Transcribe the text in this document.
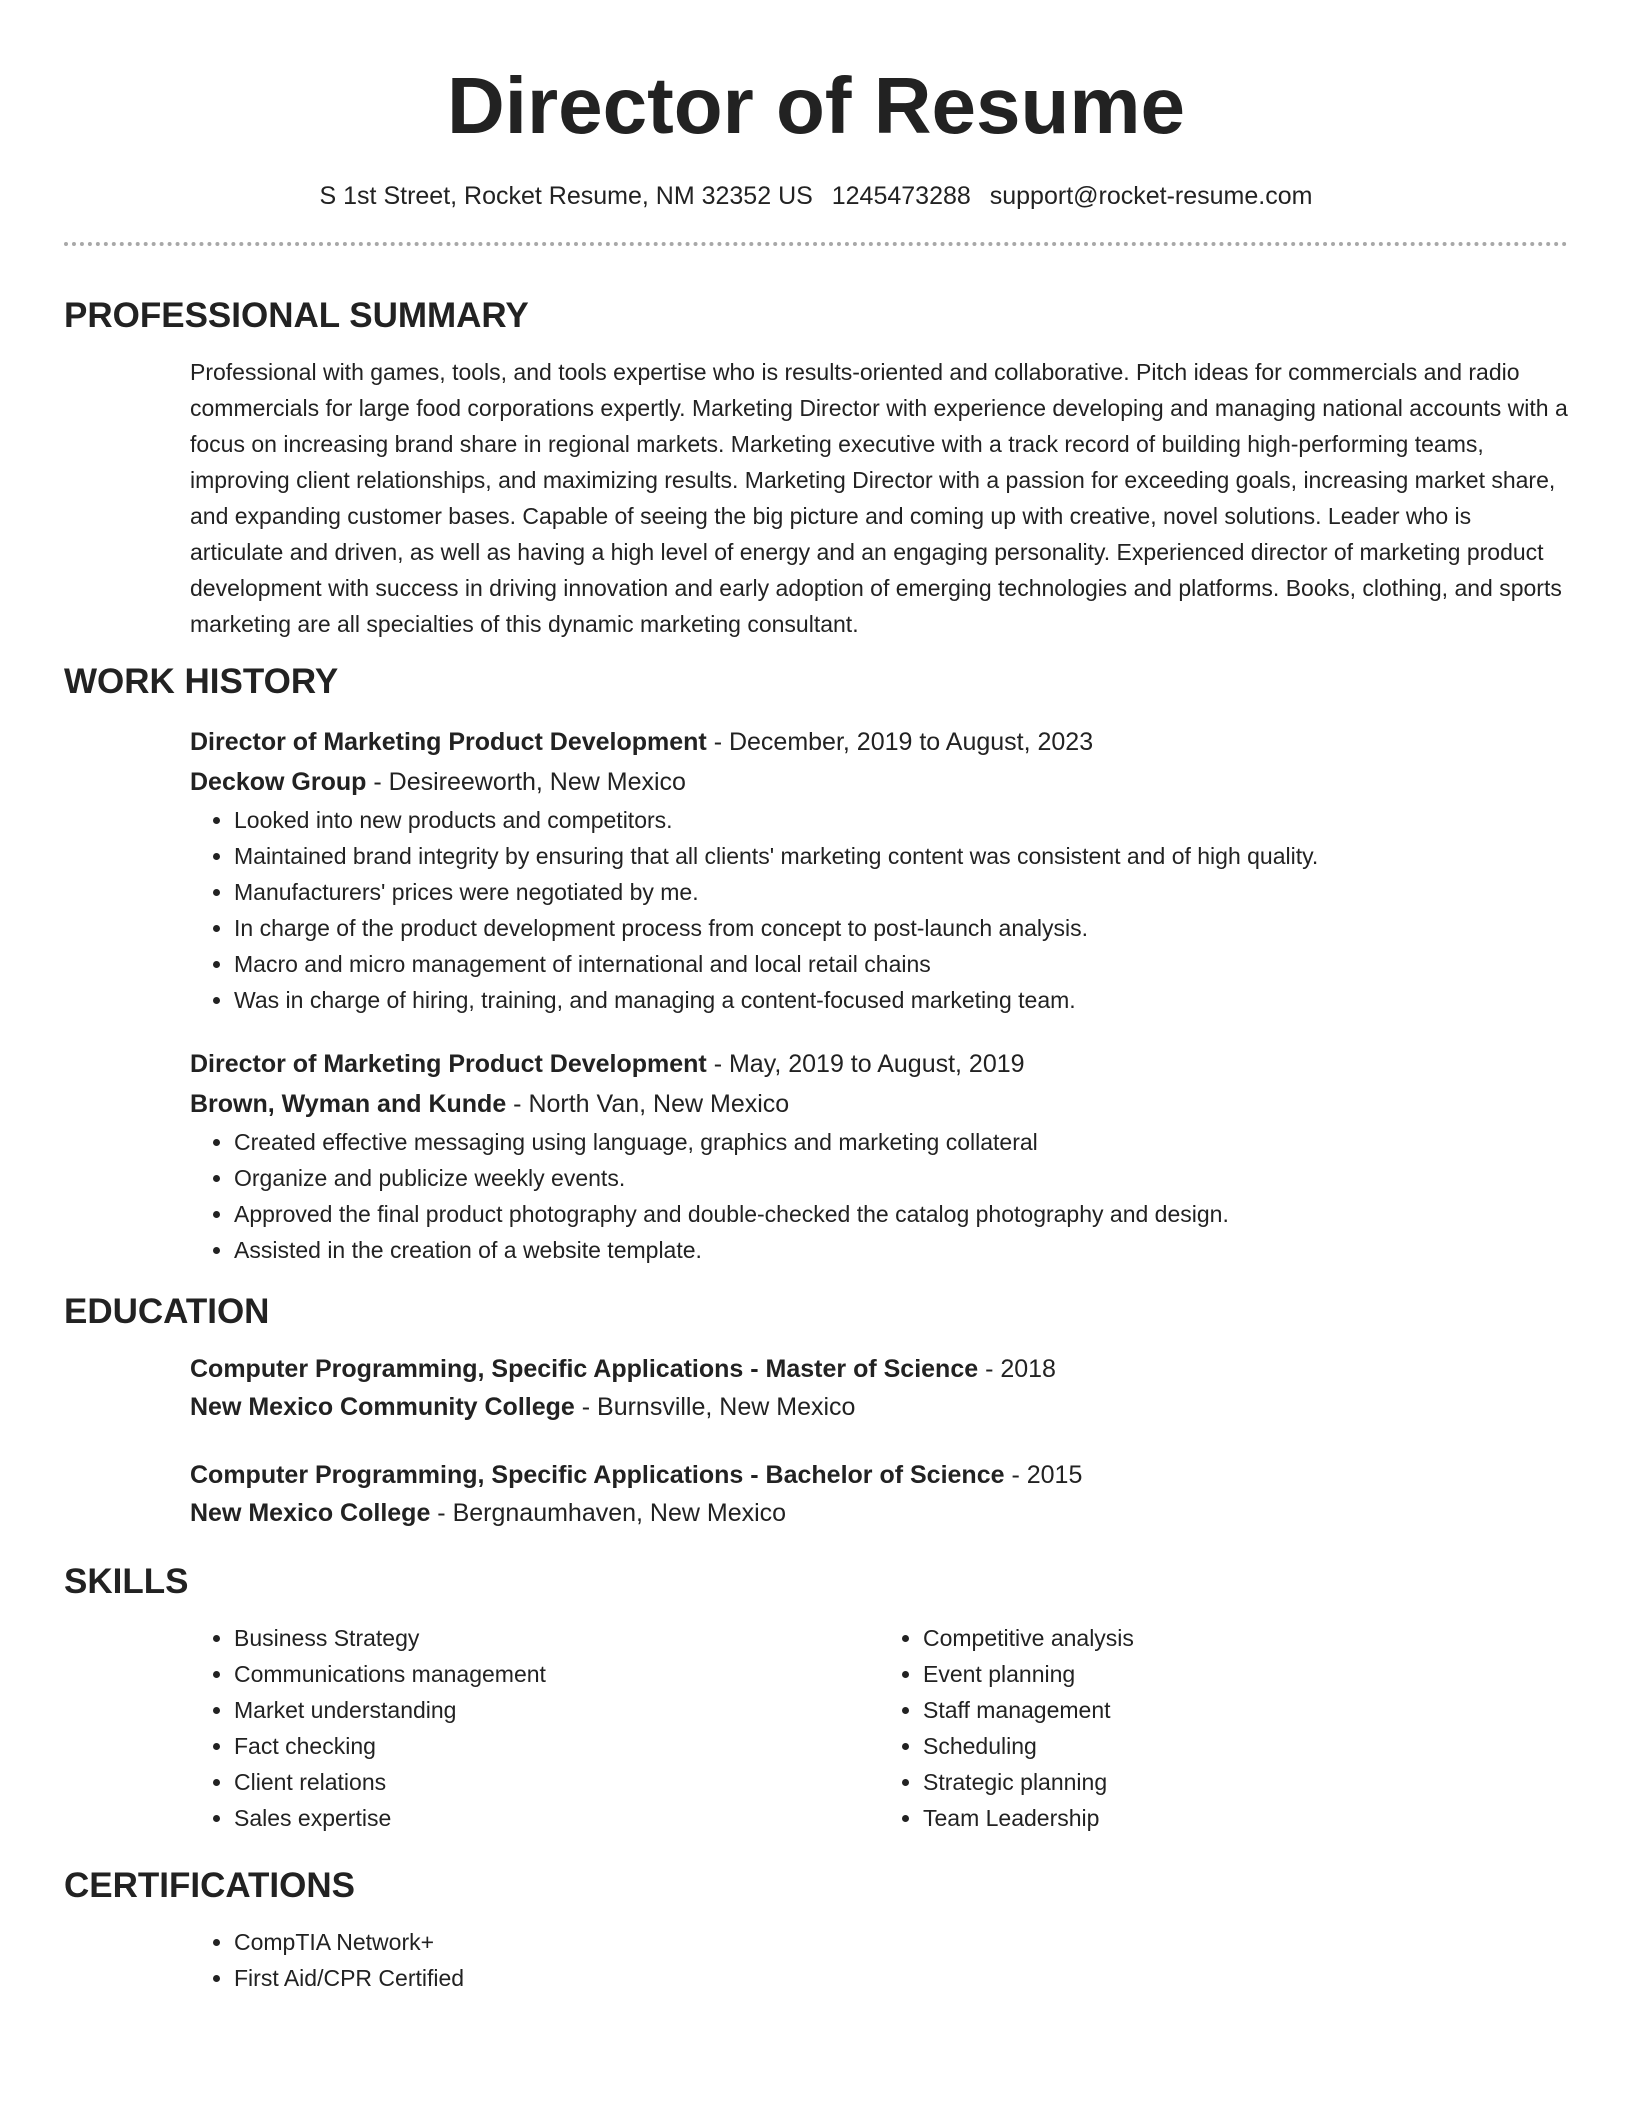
Director of Resume
S 1st Street, Rocket Resume, NM 32352 US 1245473288 support@rocket-resume.com
PROFESSIONAL SUMMARY

Professional with games, tools, and tools expertise who is results-oriented and collaborative. Pitch ideas for commercials and radio commercials for large food corporations expertly. Marketing Director with experience developing and managing national accounts with a focus on increasing brand share in regional markets. Marketing executive with a track record of building high-performing teams, improving client relationships, and maximizing results. Marketing Director with a passion for exceeding goals, increasing market share, and expanding customer bases. Capable of seeing the big picture and coming up with creative, novel solutions. Leader who is articulate and driven, as well as having a high level of energy and an engaging personality. Experienced director of marketing product development with success in driving innovation and early adoption of emerging technologies and platforms. Books, clothing, and sports marketing are all specialties of this dynamic marketing consultant.

WORK HISTORY
Director of Marketing Product Development - December, 2019 to August, 2023
Deckow Group - Desireeworth, New Mexico
• Looked into new products and competitors.
• Maintained brand integrity by ensuring that all clients' marketing content was consistent and of high quality.
• Manufacturers' prices were negotiated by me.
• In charge of the product development process from concept to post-launch analysis.
• Macro and micro management of international and local retail chains
• Was in charge of hiring, training, and managing a content-focused marketing team.
Director of Marketing Product Development - May, 2019 to August, 2019
Brown, Wyman and Kunde - North Van, New Mexico
• Created effective messaging using language, graphics and marketing collateral
• Organize and publicize weekly events.
• Approved the final product photography and double-checked the catalog photography and design.
• Assisted in the creation of a website template.
EDUCATION
Computer Programming, Specific Applications - Master of Science - 2018
New Mexico Community College - Burnsville, New Mexico
Computer Programming, Specific Applications - Bachelor of Science - 2015
New Mexico College - Bergnaumhaven, New Mexico
SKILLS
• Business Strategy
• Communications management
• Market understanding
• Fact checking
• Client relations
• Sales expertise
• Competitive analysis
• Event planning
• Staff management
• Scheduling
• Strategic planning
• Team Leadership
CERTIFICATIONS
• CompTIA Network+
• First Aid/CPR Certified
